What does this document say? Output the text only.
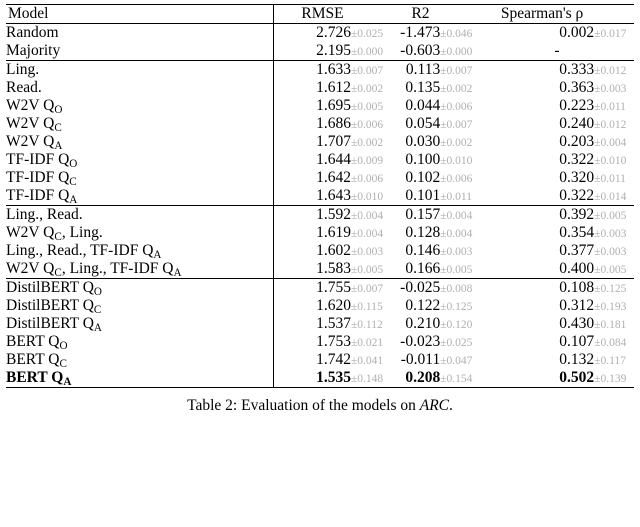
Model	RMSE		R2		Spearman's ρ	
Random	2.726	±0.025	-1.473	±0.046	0.002	±0.017
Majority	2.195	±0.000	-0.603	±0.000	-	
Ling.	1.633	±0.007	0.113	±0.007	0.333	±0.012
Read.	1.612	±0.002	0.135	±0.002	0.363	±0.003
W2V $Q_O$	1.695	±0.005	0.044	±0.006	0.223	±0.011
W2V $Q_C$	1.686	±0.006	0.054	±0.007	0.240	±0.012
W2V $Q_A$	1.707	±0.002	0.030	±0.002	0.203	±0.004
TF-IDF $Q_O$	1.644	±0.009	0.100	±0.010	0.322	±0.010
TF-IDF $Q_C$	1.642	±0.006	0.102	±0.006	0.320	±0.011
TF-IDF $Q_A$	1.643	±0.010	0.101	±0.011	0.322	±0.014
Ling., Read.	1.592	±0.004	0.157	±0.004	0.392	±0.005
W2V $Q_C$, Ling.	1.619	±0.004	0.128	±0.004	0.354	±0.003
Ling., Read., TF-IDF $Q_A$	1.602	±0.003	0.146	±0.003	0.377	±0.003
W2V $Q_C$, Ling., TF-IDF $Q_A$	1.583	±0.005	0.166	±0.005	0.400	±0.005
DistilBERT $Q_O$	1.755	±0.007	-0.025	±0.008	0.108	±0.125
DistilBERT $Q_C$	1.620	±0.115	0.122	±0.125	0.312	±0.193
DistilBERT $Q_A$	1.537	±0.112	0.210	±0.120	0.430	±0.181
BERT $Q_O$	1.753	±0.021	-0.023	±0.025	0.107	±0.084
BERT $Q_C$	1.742	±0.041	-0.011	±0.047	0.132	±0.117
BERT $Q_A$	1.535	±0.148	0.208	±0.154	0.502	±0.139
Table 2: Evaluation of the models on ARC.
